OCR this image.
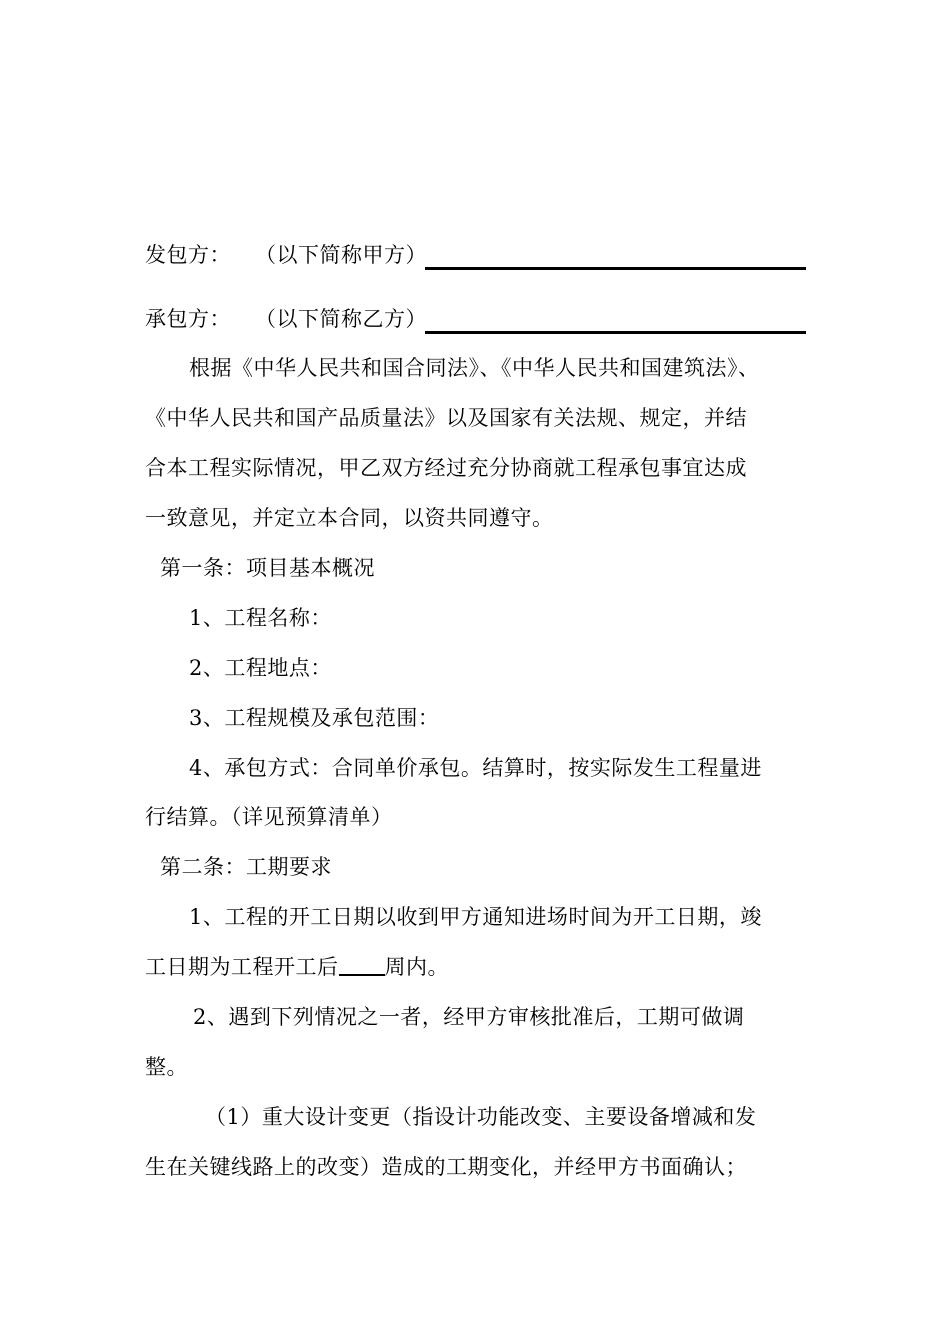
发包方： （以下简称甲方）
承包方： （以下简称乙方）
根据《中华人民共和国合同法》、《中华人民共和国建筑法》、
《中华人民共和国产品质量法》以及国家有关法规、规定，并结
合本工程实际情况，甲乙双方经过充分协商就工程承包事宜达成
一致意见，并定立本合同，以资共同遵守。
第一条：项目基本概况
1、工程名称：
2、工程地点：
3、工程规模及承包范围：
4、承包方式：合同单价承包。结算时，按实际发生工程量进
行结算。（详见预算清单）
第二条：工期要求
1、工程的开工日期以收到甲方通知进场时间为开工日期，竣
工日期为工程开工后 周内。
2、遇到下列情况之一者，经甲方审核批准后，工期可做调
整。
（1）重大设计变更（指设计功能改变、主要设备增减和发
生在关键线路上的改变）造成的工期变化，并经甲方书面确认；
